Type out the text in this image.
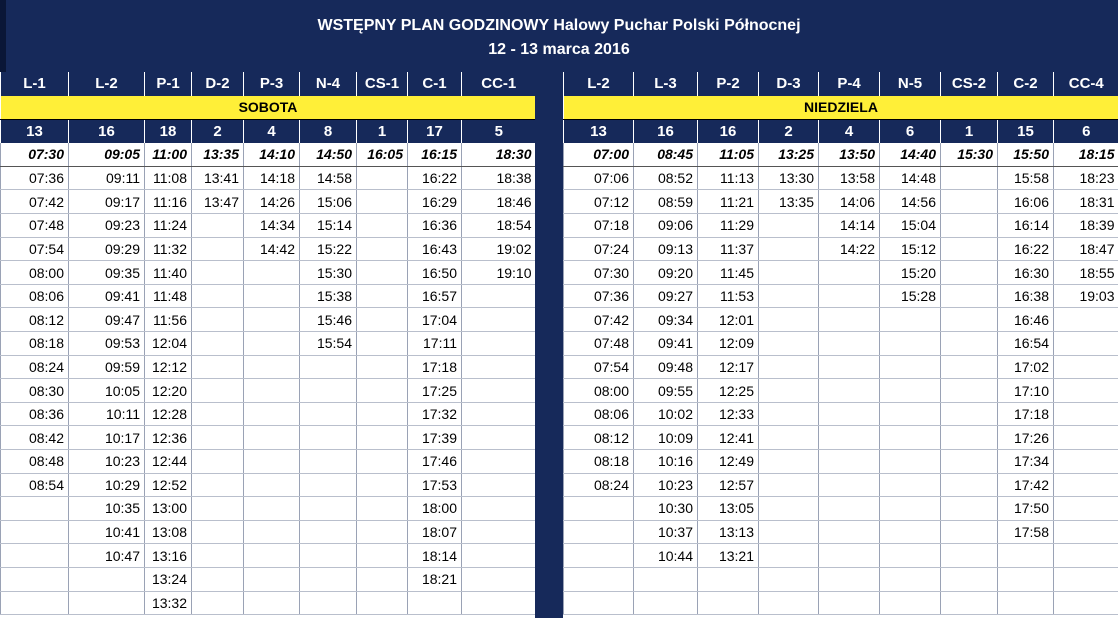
WSTĘPNY PLAN GODZINOWY Halowy Puchar Polski Północnej
12 - 13 marca 2016
L-1	L-2	P-1	D-2	P-3	N-4	CS-1	C-1	CC-1
SOBOTA								
13	16	18	2	4	8	1	17	5
07:30	09:05	11:00	13:35	14:10	14:50	16:05	16:15	18:30
07:36	09:11	11:08	13:41	14:18	14:58		16:22	18:38
07:42	09:17	11:16	13:47	14:26	15:06		16:29	18:46
07:48	09:23	11:24		14:34	15:14		16:36	18:54
07:54	09:29	11:32		14:42	15:22		16:43	19:02
08:00	09:35	11:40			15:30		16:50	19:10
08:06	09:41	11:48			15:38		16:57	
08:12	09:47	11:56			15:46		17:04	
08:18	09:53	12:04			15:54		17:11	
08:24	09:59	12:12					17:18	
08:30	10:05	12:20					17:25	
08:36	10:11	12:28					17:32	
08:42	10:17	12:36					17:39	
08:48	10:23	12:44					17:46	
08:54	10:29	12:52					17:53	
	10:35	13:00					18:00	
	10:41	13:08					18:07	
	10:47	13:16					18:14	
		13:24					18:21	
		13:32						
L-2	L-3	P-2	D-3	P-4	N-5	CS-2	C-2	CC-4
NIEDZIELA								
13	16	16	2	4	6	1	15	6
07:00	08:45	11:05	13:25	13:50	14:40	15:30	15:50	18:15
07:06	08:52	11:13	13:30	13:58	14:48		15:58	18:23
07:12	08:59	11:21	13:35	14:06	14:56		16:06	18:31
07:18	09:06	11:29		14:14	15:04		16:14	18:39
07:24	09:13	11:37		14:22	15:12		16:22	18:47
07:30	09:20	11:45			15:20		16:30	18:55
07:36	09:27	11:53			15:28		16:38	19:03
07:42	09:34	12:01					16:46	
07:48	09:41	12:09					16:54	
07:54	09:48	12:17					17:02	
08:00	09:55	12:25					17:10	
08:06	10:02	12:33					17:18	
08:12	10:09	12:41					17:26	
08:18	10:16	12:49					17:34	
08:24	10:23	12:57					17:42	
	10:30	13:05					17:50	
	10:37	13:13					17:58	
	10:44	13:21						
